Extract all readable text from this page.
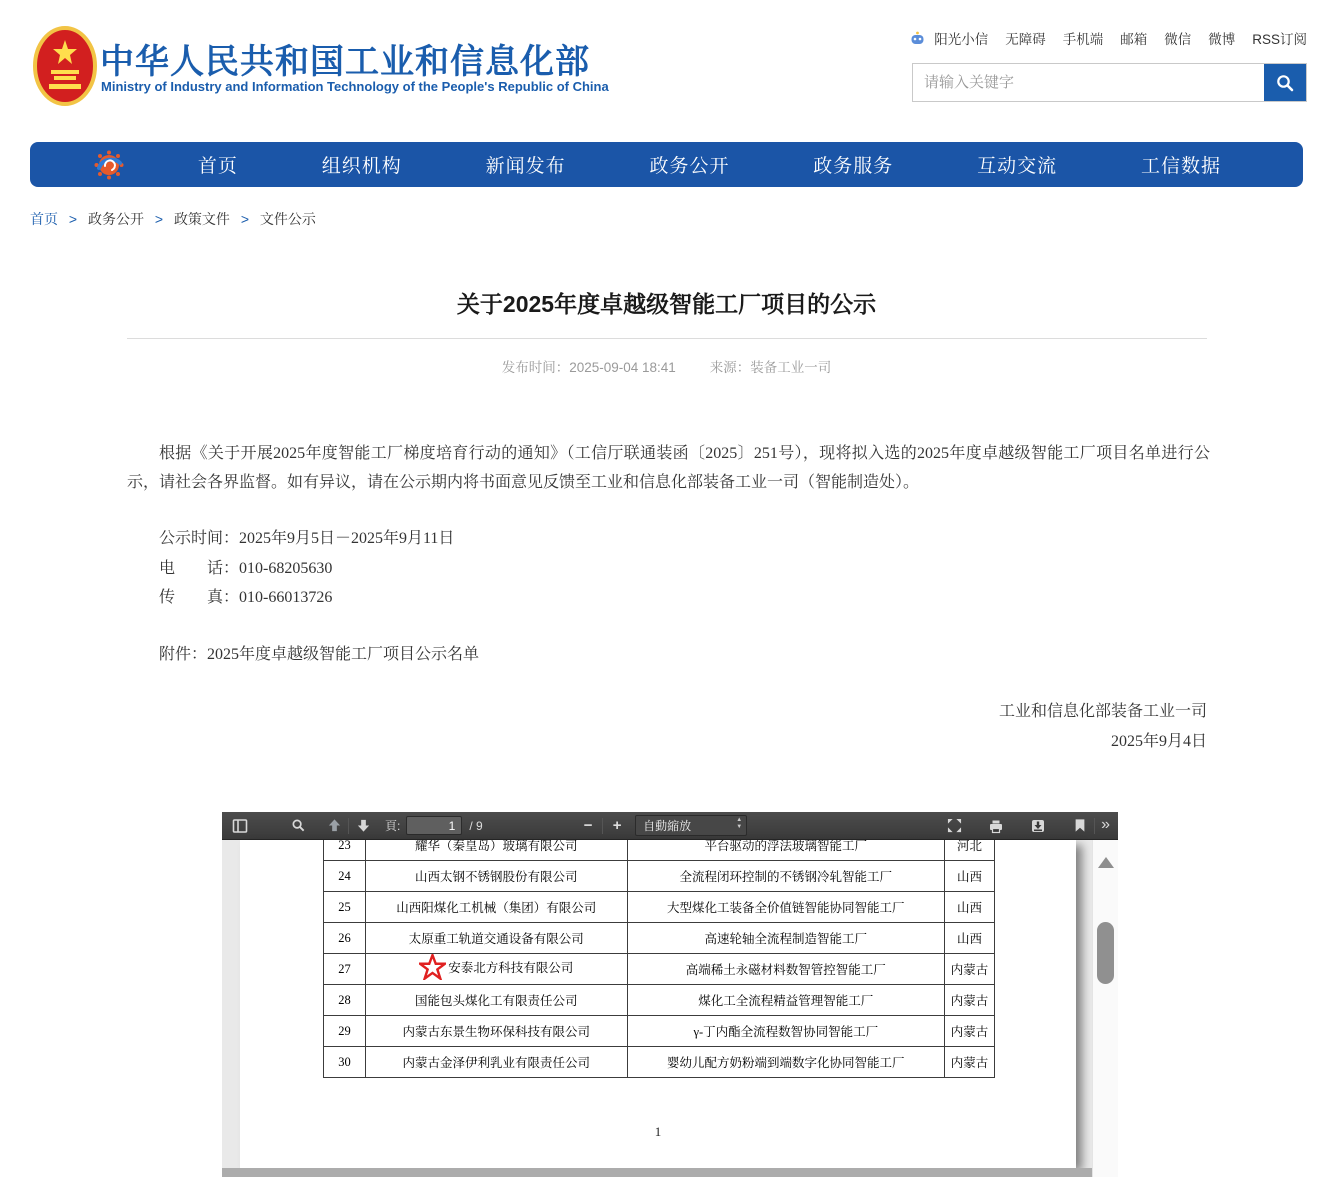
中华人民共和国工业和信息化部
Ministry of Industry and Information Technology of the People's Republic of China
阳光小信 无障碍 手机端 邮箱 微信 微博 RSS订阅
请输入关键字
首页	组织机构	新闻发布	政务公开	政务服务	互动交流	工信数据
首页 > 政务公开 > 政策文件 > 文件公示
关于2025年度卓越级智能工厂项目的公示
发布时间：2025-09-04 18:41	来源：装备工业一司

根据《关于开展2025年度智能工厂梯度培育行动的通知》（工信厅联通装函〔2025〕251号），现将拟入选的2025年度卓越级智能工厂项目名单进行公示，请社会各界监督。如有异议，请在公示期内将书面意见反馈至工业和信息化部装备工业一司（智能制造处）。

公示时间：2025年9月5日－2025年9月11日
电　　话：010-68205630
传　　真：010-66013726
附件：2025年度卓越级智能工厂项目公示名单
工业和信息化部装备工业一司
2025年9月4日
頁:
1	/ 9	−	+	自動縮放	▲
▼	»
23	耀华（秦皇岛）玻璃有限公司	平台驱动的浮法玻璃智能工厂	河北
24	山西太钢不锈钢股份有限公司	全流程闭环控制的不锈钢冷轧智能工厂	山西
25	山西阳煤化工机械（集团）有限公司	大型煤化工装备全价值链智能协同智能工厂	山西
26	太原重工轨道交通设备有限公司	高速轮轴全流程制造智能工厂	山西
27	安泰北方科技有限公司	高端稀土永磁材料数智管控智能工厂	内蒙古
28	国能包头煤化工有限责任公司	煤化工全流程精益管理智能工厂	内蒙古
29	内蒙古东景生物环保科技有限公司	γ-丁内酯全流程数智协同智能工厂	内蒙古
30	内蒙古金泽伊利乳业有限责任公司	婴幼儿配方奶粉端到端数字化协同智能工厂	内蒙古
1
